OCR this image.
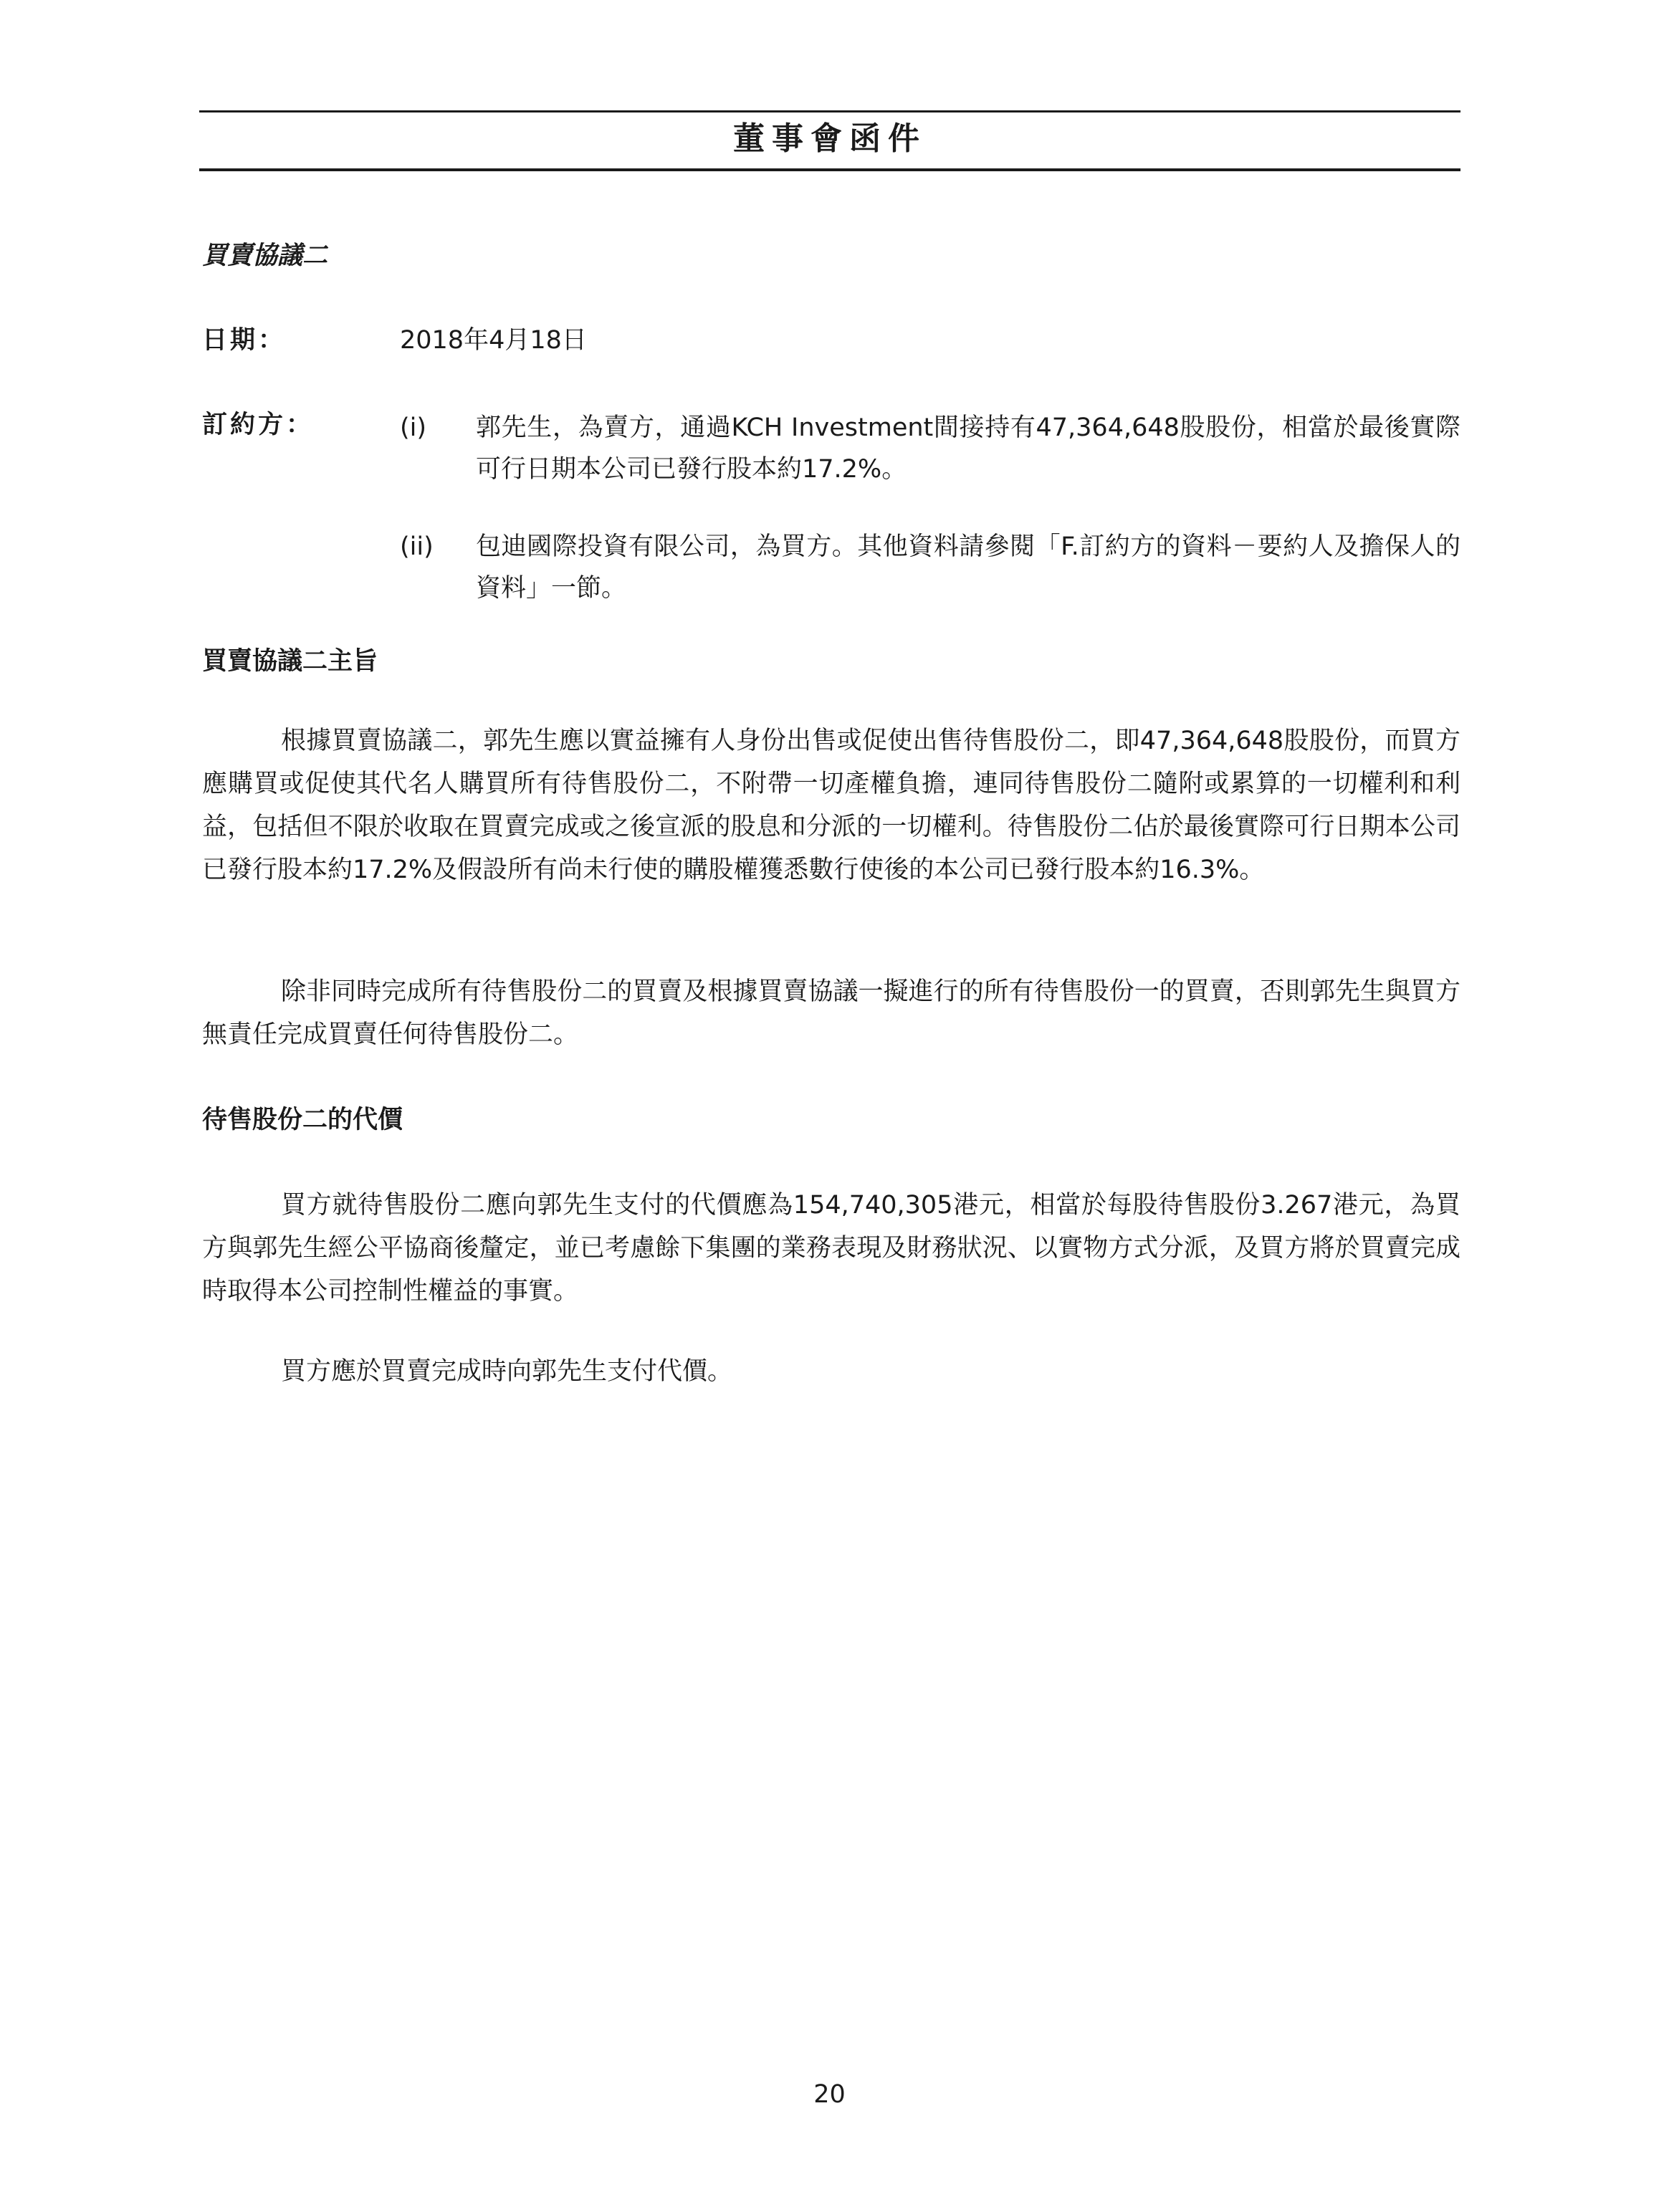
董事會函件
買賣協議二
日期：	2018年4月18日
訂約方：	(i) 郭先生，為賣方，通過KCH Investment間接持有47,364,648股股份，相當於最後實際可行日期本公司已發行股本約17.2%。

(ii) 包迪國際投資有限公司，為買方。其他資料請參閱「F.訂約方的資料－要約人及擔保人的資料」一節。

買賣協議二主旨

根據買賣協議二，郭先生應以實益擁有人身份出售或促使出售待售股份二，即47,364,648股股份，而買方應購買或促使其代名人購買所有待售股份二，不附帶一切產權負擔，連同待售股份二隨附或累算的一切權利和利益，包括但不限於收取在買賣完成或之後宣派的股息和分派的一切權利。待售股份二佔於最後實際可行日期本公司已發行股本約17.2%及假設所有尚未行使的購股權獲悉數行使後的本公司已發行股本約16.3%。

除非同時完成所有待售股份二的買賣及根據買賣協議一擬進行的所有待售股份一的買賣，否則郭先生與買方無責任完成買賣任何待售股份二。

待售股份二的代價

買方就待售股份二應向郭先生支付的代價應為154,740,305港元，相當於每股待售股份3.267港元，為買方與郭先生經公平協商後釐定，並已考慮餘下集團的業務表現及財務狀況、以實物方式分派，及買方將於買賣完成時取得本公司控制性權益的事實。

買方應於買賣完成時向郭先生支付代價。

20
